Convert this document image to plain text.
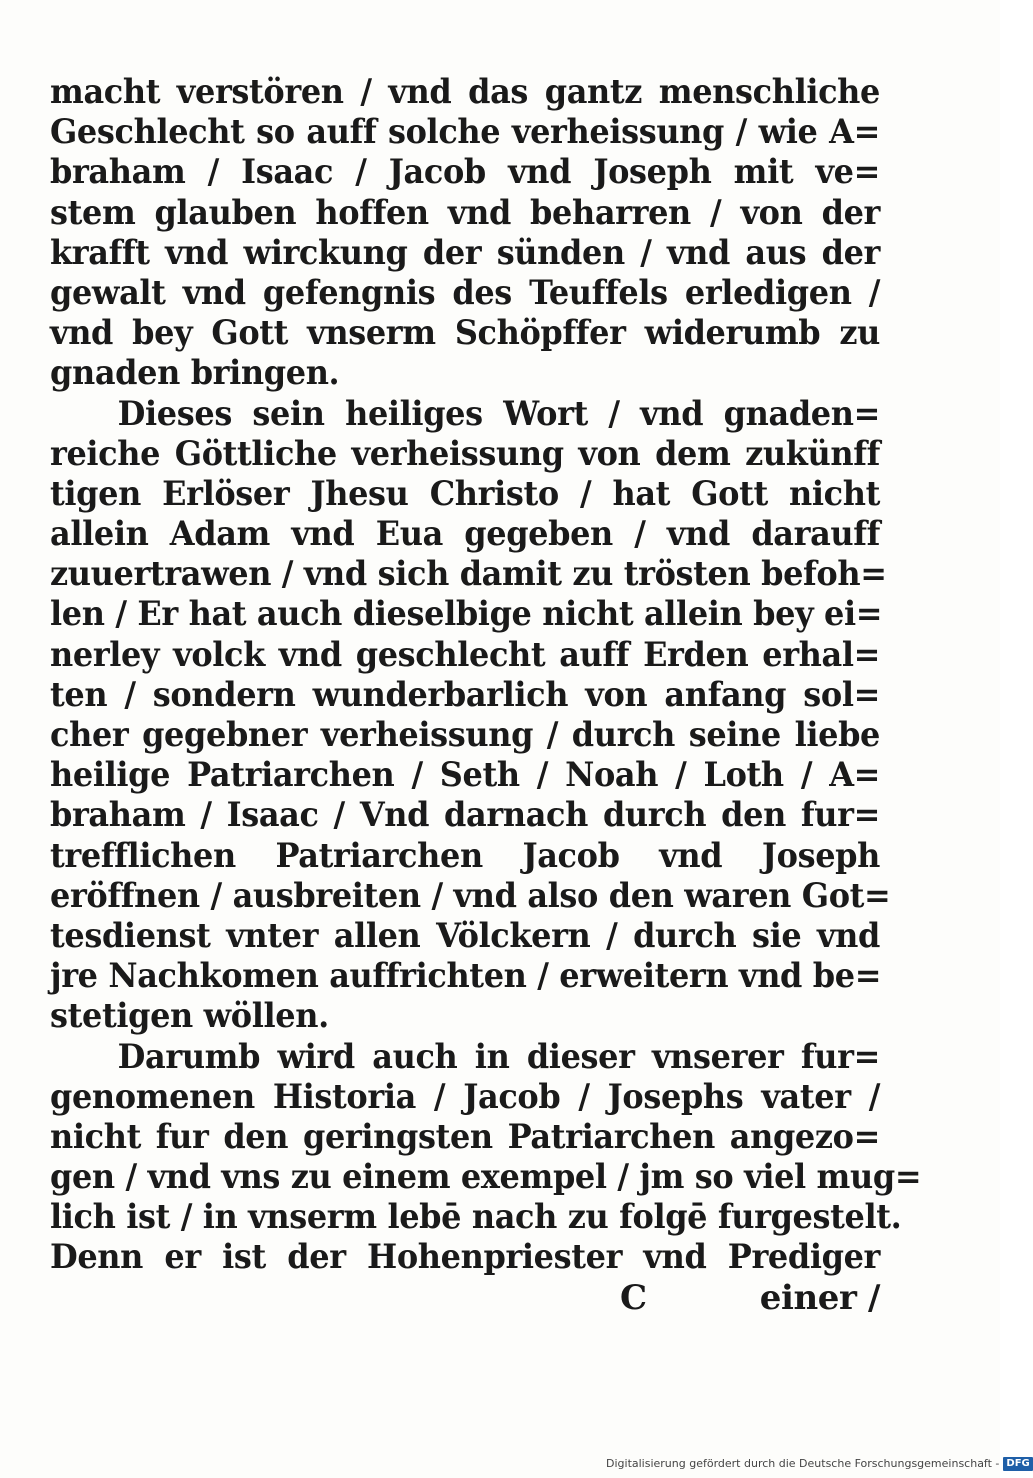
macht verstören / vnd das gantz menschliche
Geschlecht so auff solche verheissung / wie A=
braham / Isaac / Jacob vnd Joseph mit ve=
stem glauben hoffen vnd beharren / von der
krafft vnd wirckung der sünden / vnd aus der
gewalt vnd gefengnis des Teuffels erledigen /
vnd bey Gott vnserm Schöpffer widerumb zu
gnaden bringen.
Dieses sein heiliges Wort / vnd gnaden=
reiche Göttliche verheissung von dem zukünff
tigen Erlöser Jhesu Christo / hat Gott nicht
allein Adam vnd Eua gegeben / vnd darauff
zuuertrawen / vnd sich damit zu trösten befoh=
len / Er hat auch dieselbige nicht allein bey ei=
nerley volck vnd geschlecht auff Erden erhal=
ten / sondern wunderbarlich von anfang sol=
cher gegebner verheissung / durch seine liebe
heilige Patriarchen / Seth / Noah / Loth / A=
braham / Isaac / Vnd darnach durch den fur=
trefflichen Patriarchen Jacob vnd Joseph
eröffnen / ausbreiten / vnd also den waren Got=
tesdienst vnter allen Völckern / durch sie vnd
jre Nachkomen auffrichten / erweitern vnd be=
stetigen wöllen.
Darumb wird auch in dieser vnserer fur=
genomenen Historia / Jacob / Josephs vater /
nicht fur den geringsten Patriarchen angezo=
gen / vnd vns zu einem exempel / jm so viel mug=
lich ist / in vnserm lebē nach zu folgē furgestelt.
Denn er ist der Hohenpriester vnd Prediger
C	einer /
Digitalisierung gefördert durch die Deutsche Forschungsgemeinschaft - DFG
